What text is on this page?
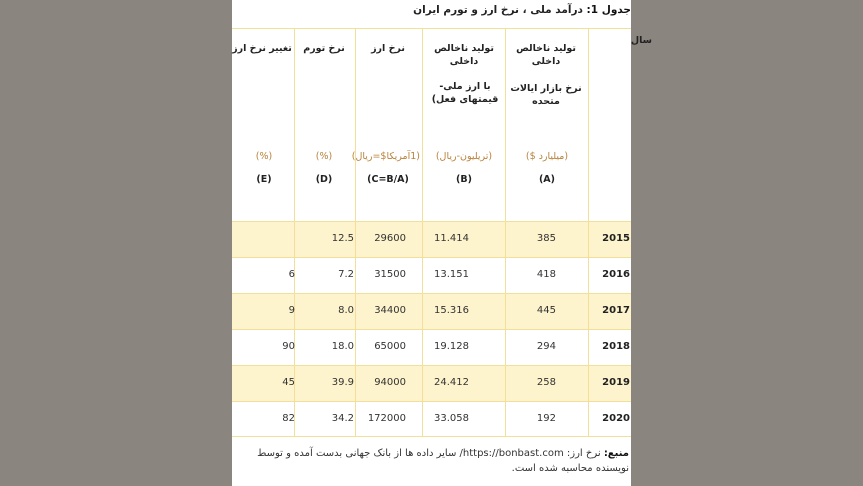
جدول 1: درآمد ملی ، نرخ ارز و تورم ایران
سال
تولید ناخالص داخلی
نرخ بازار ایالات متحده
تولید ناخالص داخلی
با ارز ملی-قیمتهای فعل)
نرخ ارز
نرخ تورم
تغییر نرخ ارز
(میلیارد $)
(تریلیون-ریال)
(1آمریکا$=ریال)
(%)
(%)
(A)
(B)
(C=B/A)
(D)
(E)
2015
385
11.414
29600
12.5
2016
418
13.151
31500
7.2
6
2017
445
15.316
34400
8.0
9
2018
294
19.128
65000
18.0
90
2019
258
24.412
94000
39.9
45
2020
192
33.058
172000
34.2
82
منبع: نرخ ارز: https://bonbast.com/ سایر داده ها از بانک جهانی بدست آمده و توسط نویسنده محاسبه شده است.
